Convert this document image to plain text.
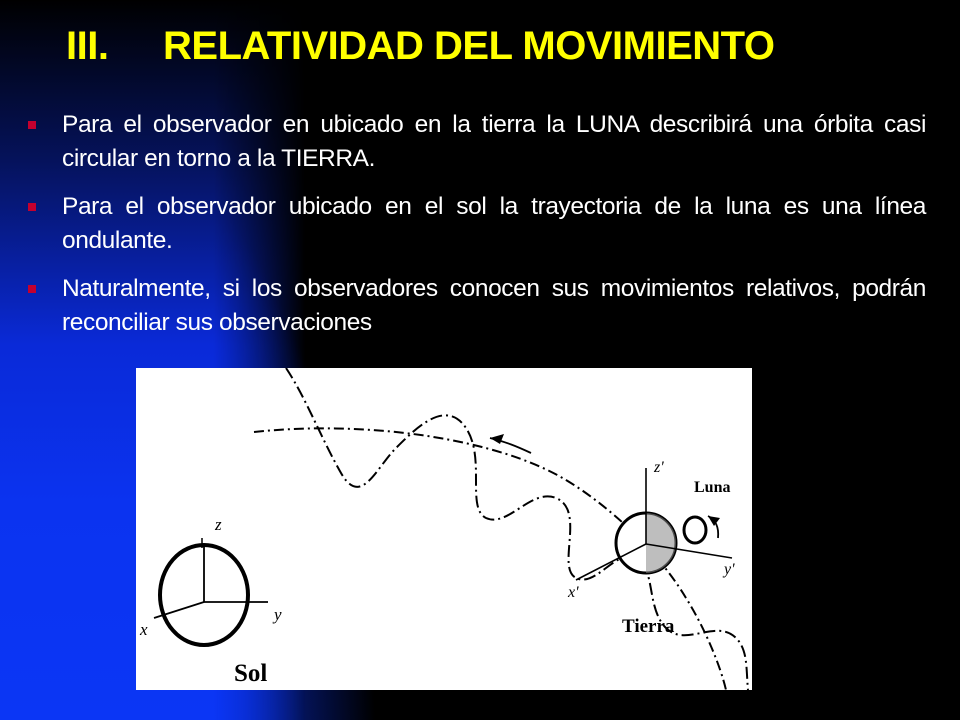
III. RELATIVIDAD DEL MOVIMIENTO
Para el observador en ubicado en la tierra la LUNA describirá una órbita casi circular en torno a la TIERRA.
Para el observador ubicado en el sol la trayectoria de la luna es una línea ondulante.
Naturalmente, si los observadores conocen sus movimientos relativos, podrán reconciliar sus observaciones
z
y
x
Sol
z'
y'
x'
Luna
Tierra
